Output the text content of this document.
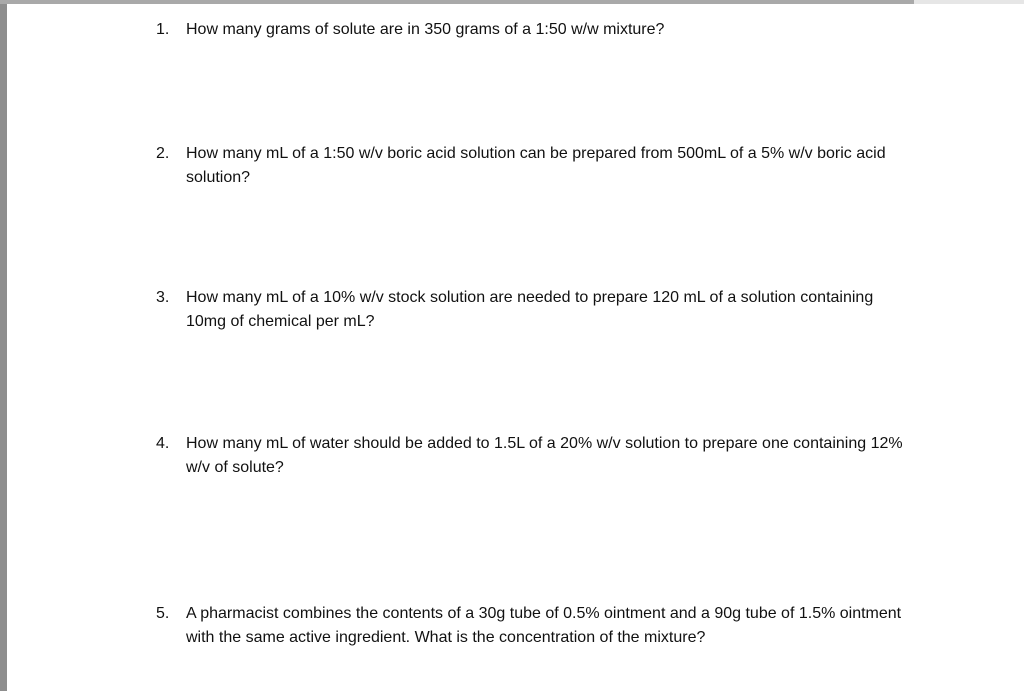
1.	How many grams of solute are in 350 grams of a 1:50 w/w mixture?
2.	How many mL of a 1:50 w/v boric acid solution can be prepared from 500mL of a 5% w/v boric acid solution?
3.	How many mL of a 10% w/v stock solution are needed to prepare 120 mL of a solution containing 10mg of chemical per mL?
4.	How many mL of water should be added to 1.5L of a 20% w/v solution to prepare one containing 12% w/v of solute?
5.	A pharmacist combines the contents of a 30g tube of 0.5% ointment and a 90g tube of 1.5% ointment with the same active ingredient. What is the concentration of the mixture?
